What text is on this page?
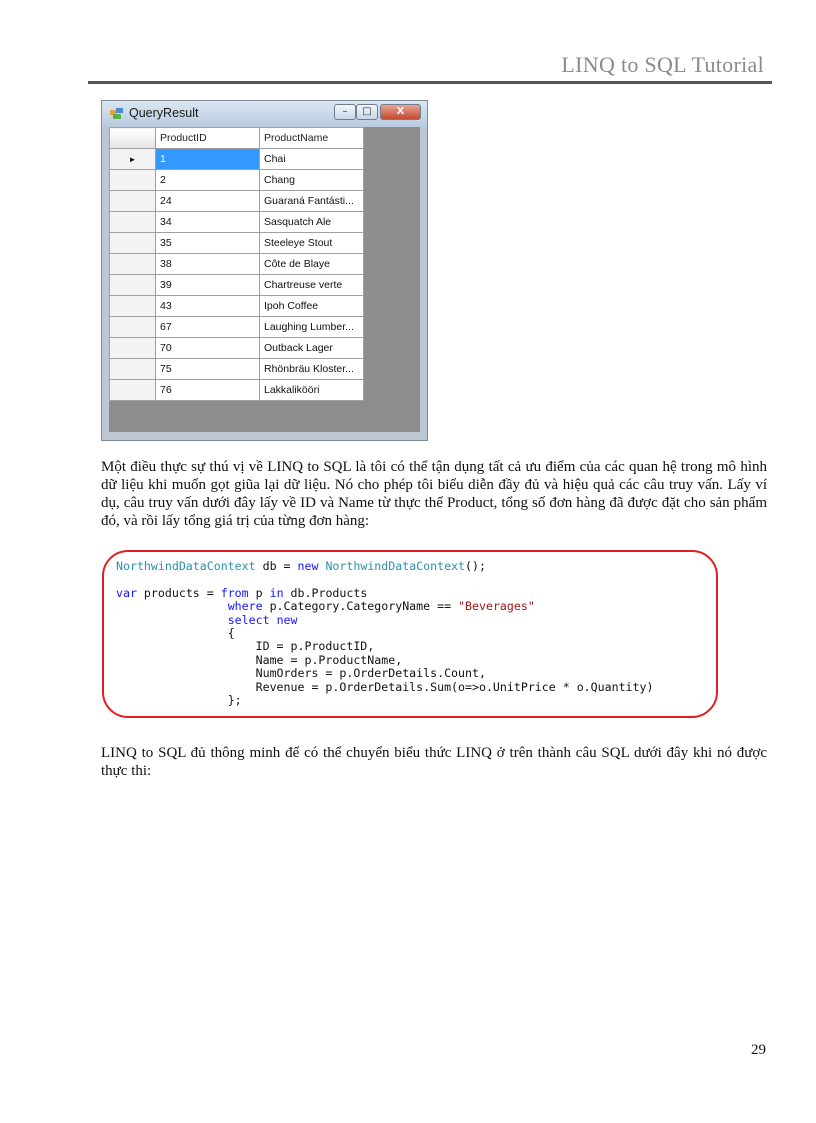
LINQ to SQL Tutorial
QueryResult	–	□	X
	ProductID	ProductName
►	1	Chai
	2	Chang
	24	Guaraná Fantásti...
	34	Sasquatch Ale
	35	Steeleye Stout
	38	Côte de Blaye
	39	Chartreuse verte
	43	Ipoh Coffee
	67	Laughing Lumber...
	70	Outback Lager
	75	Rhönbräu Kloster...
	76	Lakkalikööri
Một điều thực sự thú vị về LINQ to SQL là tôi có thể tận dụng tất cả ưu điểm của các quan hệ trong mô hình dữ liệu khi muốn gọt giũa lại dữ liệu. Nó cho phép tôi biểu diễn đầy đủ và hiệu quả các câu truy vấn. Lấy ví dụ, câu truy vấn dưới đây lấy về ID và Name từ thực thể Product, tổng số đơn hàng đã được đặt cho sản phẩm đó, và rồi lấy tổng giá trị của từng đơn hàng:
NorthwindDataContext db = new NorthwindDataContext();

var products = from p in db.Products
where p.Category.CategoryName == "Beverages"
select new
{
ID = p.ProductID,
Name = p.ProductName,
NumOrders = p.OrderDetails.Count,
Revenue = p.OrderDetails.Sum(o=>o.UnitPrice * o.Quantity)
};
LINQ to SQL đủ thông minh để có thể chuyển biểu thức LINQ ở trên thành câu SQL dưới đây khi nó được thực thi:
29
